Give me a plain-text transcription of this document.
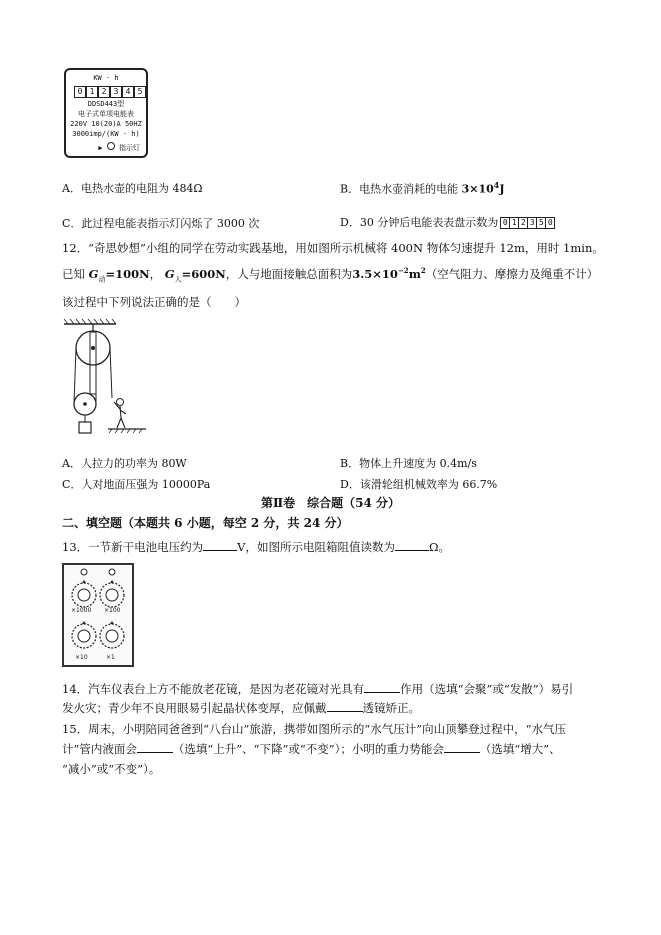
KW · h
0 1 2 3 4 5
DDSD443型
电子式单项电能表
220V 10(20)A 50HZ
3000imp/(KW · h)
▶ 指示灯
A．电热水壶的电阻为 484Ω	B．电热水壶消耗的电能 $3\times 10^4J$
C．此过程电能表指示灯闪烁了 3000 次	D．30 分钟后电能表表盘示数为 0 1 2 3 5 0
12．“奇思妙想”小组的同学在劳动实践基地，用如图所示机械将 400N 物体匀速提升 12m，用时 1min。
已知 $G_动=100N$， $G_人=600N$，人与地面接触总面积为$3.5\times 10^{-2}m^2$（空气阻力、摩擦力及绳重不计）
该过程中下列说法正确的是（　　）
A．人拉力的功率为 80W	B．物体上升速度为 0.4m/s
C．人对地面压强为 10000Pa	D．该滑轮组机械效率为 66.7%
第Ⅱ卷　综合题（54 分）
二、填空题（本题共 6 小题，每空 2 分，共 24 分）
13．一节新干电池电压约为	V，如图所示电阻箱阻值读数为	Ω。
×1000 ×100
×10	×1
14．汽车仪表台上方不能放老花镜，是因为老花镜对光具有	作用（选填“会聚”或“发散”）易引
发火灾；青少年不良用眼易引起晶状体变厚，应佩戴	透镜矫正。
15．周末，小明陪同爸爸到“八台山”旅游，携带如图所示的“水气压计”向山顶攀登过程中，“水气压
计”管内液面会	（选填“上升”、“下降”或“不变”）；小明的重力势能会	（选填“增大”、
“减小”或“不变”）。
